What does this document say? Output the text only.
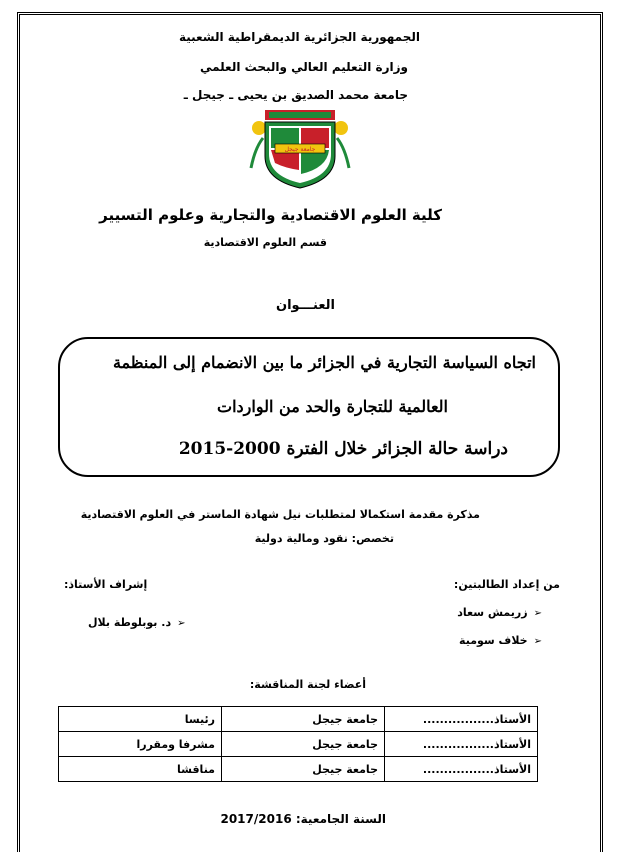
الجمهورية الجزائرية الديمقراطية الشعبية
وزارة التعليم العالي والبحث العلمي
جامعة محمد الصديق بن يحيى ـ جيجل ـ
جامعة جيجل
كلية العلوم الاقتصادية والتجارية وعلوم التسيير
قسم العلوم الاقتصادية
العنـــوان
اتجاه السياسة التجارية في الجزائر ما بين الانضمام إلى المنظمة
العالمية للتجارة والحد من الواردات
دراسة حالة الجزائر خلال الفترة 2000-2015
مذكرة مقدمة استكمالا لمتطلبات نيل شهادة الماستر في العلوم الاقتصادية
تخصص: نقود ومالية دولية
من إعداد الطالبتين:
➢زريمش سعاد
➢خلاف سومية
إشراف الأستاذ:
➢د. بوبلوطة بلال
أعضاء لجنة المناقشة:
رئيسا	جامعة جيجل	الأستاذ.................
مشرفا ومقررا	جامعة جيجل	الأستاذ.................
مناقشا	جامعة جيجل	الأستاذ.................
السنة الجامعية: 2017/2016
